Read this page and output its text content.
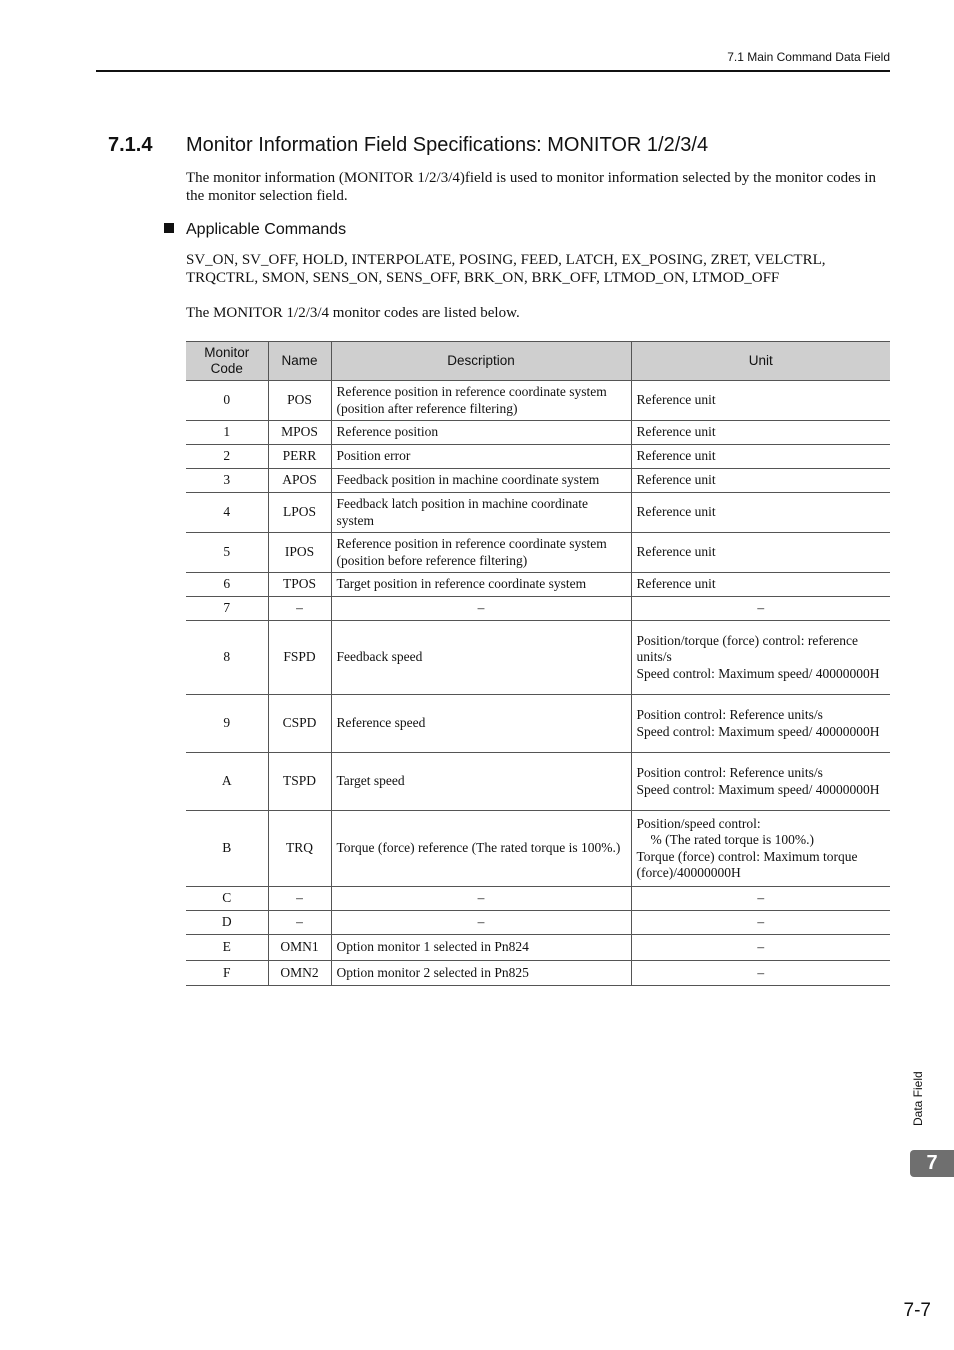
7.1 Main Command Data Field
7.1.4 Monitor Information Field Specifications: MONITOR 1/2/3/4
The monitor information (MONITOR 1/2/3/4)field is used to monitor information selected by the monitor codes in the monitor selection field.
Applicable Commands
SV_ON, SV_OFF, HOLD, INTERPOLATE, POSING, FEED, LATCH, EX_POSING, ZRET, VELCTRL, TRQCTRL, SMON, SENS_ON, SENS_OFF, BRK_ON, BRK_OFF, LTMOD_ON, LTMOD_OFF
The MONITOR 1/2/3/4 monitor codes are listed below.
Monitor Code	Name	Description	Unit
0	POS	Reference position in reference coordinate system (position after reference filtering)	Reference unit

1	MPOS	Reference position	Reference unit

2	PERR	Position error	Reference unit

3	APOS	Feedback position in machine coordinate system	Reference unit

4	LPOS	Feedback latch position in machine coordinate system	Reference unit

5	IPOS	Reference position in reference coordinate system (position before reference filtering)	Reference unit

6	TPOS	Target position in reference coordinate system	Reference unit

7	–	–	–

8	FSPD	Feedback speed	Position/torque (force) control: reference units/s
Speed control: Maximum speed/ 40000000H

9	CSPD	Reference speed	Position control: Reference units/s
Speed control: Maximum speed/ 40000000H

A	TSPD	Target speed	Position control: Reference units/s
Speed control: Maximum speed/ 40000000H

B	TRQ	Torque (force) reference (The rated torque is 100%.)	Position/speed control:
% (The rated torque is 100%.)
Torque (force) control: Maximum torque (force)/40000000H

C	–	–	–

D	–	–	–

E	OMN1	Option monitor 1 selected in Pn824	–

F	OMN2	Option monitor 2 selected in Pn825	–
Data Field
7
7-7
